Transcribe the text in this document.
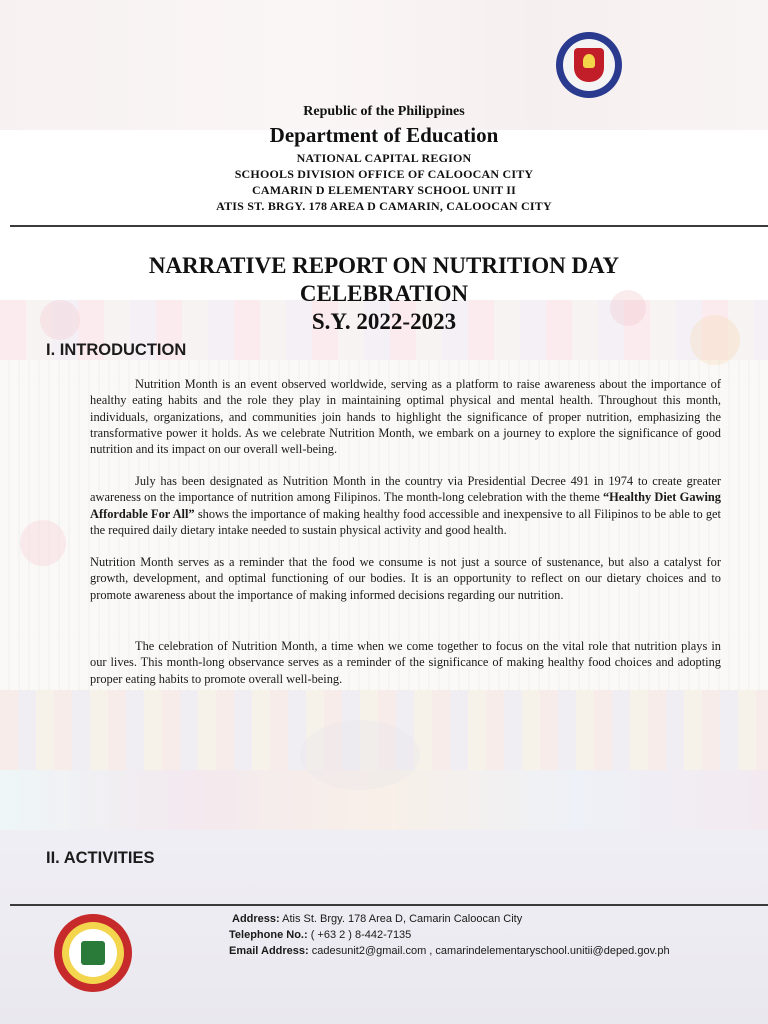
Republic of the Philippines
Department of Education
NATIONAL CAPITAL REGION
SCHOOLS DIVISION OFFICE OF CALOOCAN CITY
CAMARIN D ELEMENTARY SCHOOL UNIT II
ATIS ST. BRGY. 178 AREA D CAMARIN, CALOOCAN CITY
NARRATIVE REPORT ON NUTRITION DAY
CELEBRATION
S.Y. 2022-2023
I. INTRODUCTION
Nutrition Month is an event observed worldwide, serving as a platform to raise awareness about the importance of healthy eating habits and the role they play in maintaining optimal physical and mental health. Throughout this month, individuals, organizations, and communities join hands to highlight the significance of proper nutrition, emphasizing the transformative power it holds. As we celebrate Nutrition Month, we embark on a journey to explore the significance of good nutrition and its impact on our overall well-being.
July has been designated as Nutrition Month in the country via Presidential Decree 491 in 1974 to create greater awareness on the importance of nutrition among Filipinos. The month-long celebration with the theme “Healthy Diet Gawing Affordable For All” shows the importance of making healthy food accessible and inexpensive to all Filipinos to be able to get the required daily dietary intake needed to sustain physical activity and good health.
Nutrition Month serves as a reminder that the food we consume is not just a source of sustenance, but also a catalyst for growth, development, and optimal functioning of our bodies. It is an opportunity to reflect on our dietary choices and to promote awareness about the importance of making informed decisions regarding our nutrition.
The celebration of Nutrition Month, a time when we come together to focus on the vital role that nutrition plays in our lives. This month-long observance serves as a reminder of the significance of making healthy food choices and adopting proper eating habits to promote overall well-being.
II. ACTIVITIES
Address: Atis St. Brgy. 178 Area D, Camarin Caloocan City
Telephone No.: ( +63 2 ) 8-442-7135
Email Address: cadesunit2@gmail.com , camarindelementaryschool.unitii@deped.gov.ph
